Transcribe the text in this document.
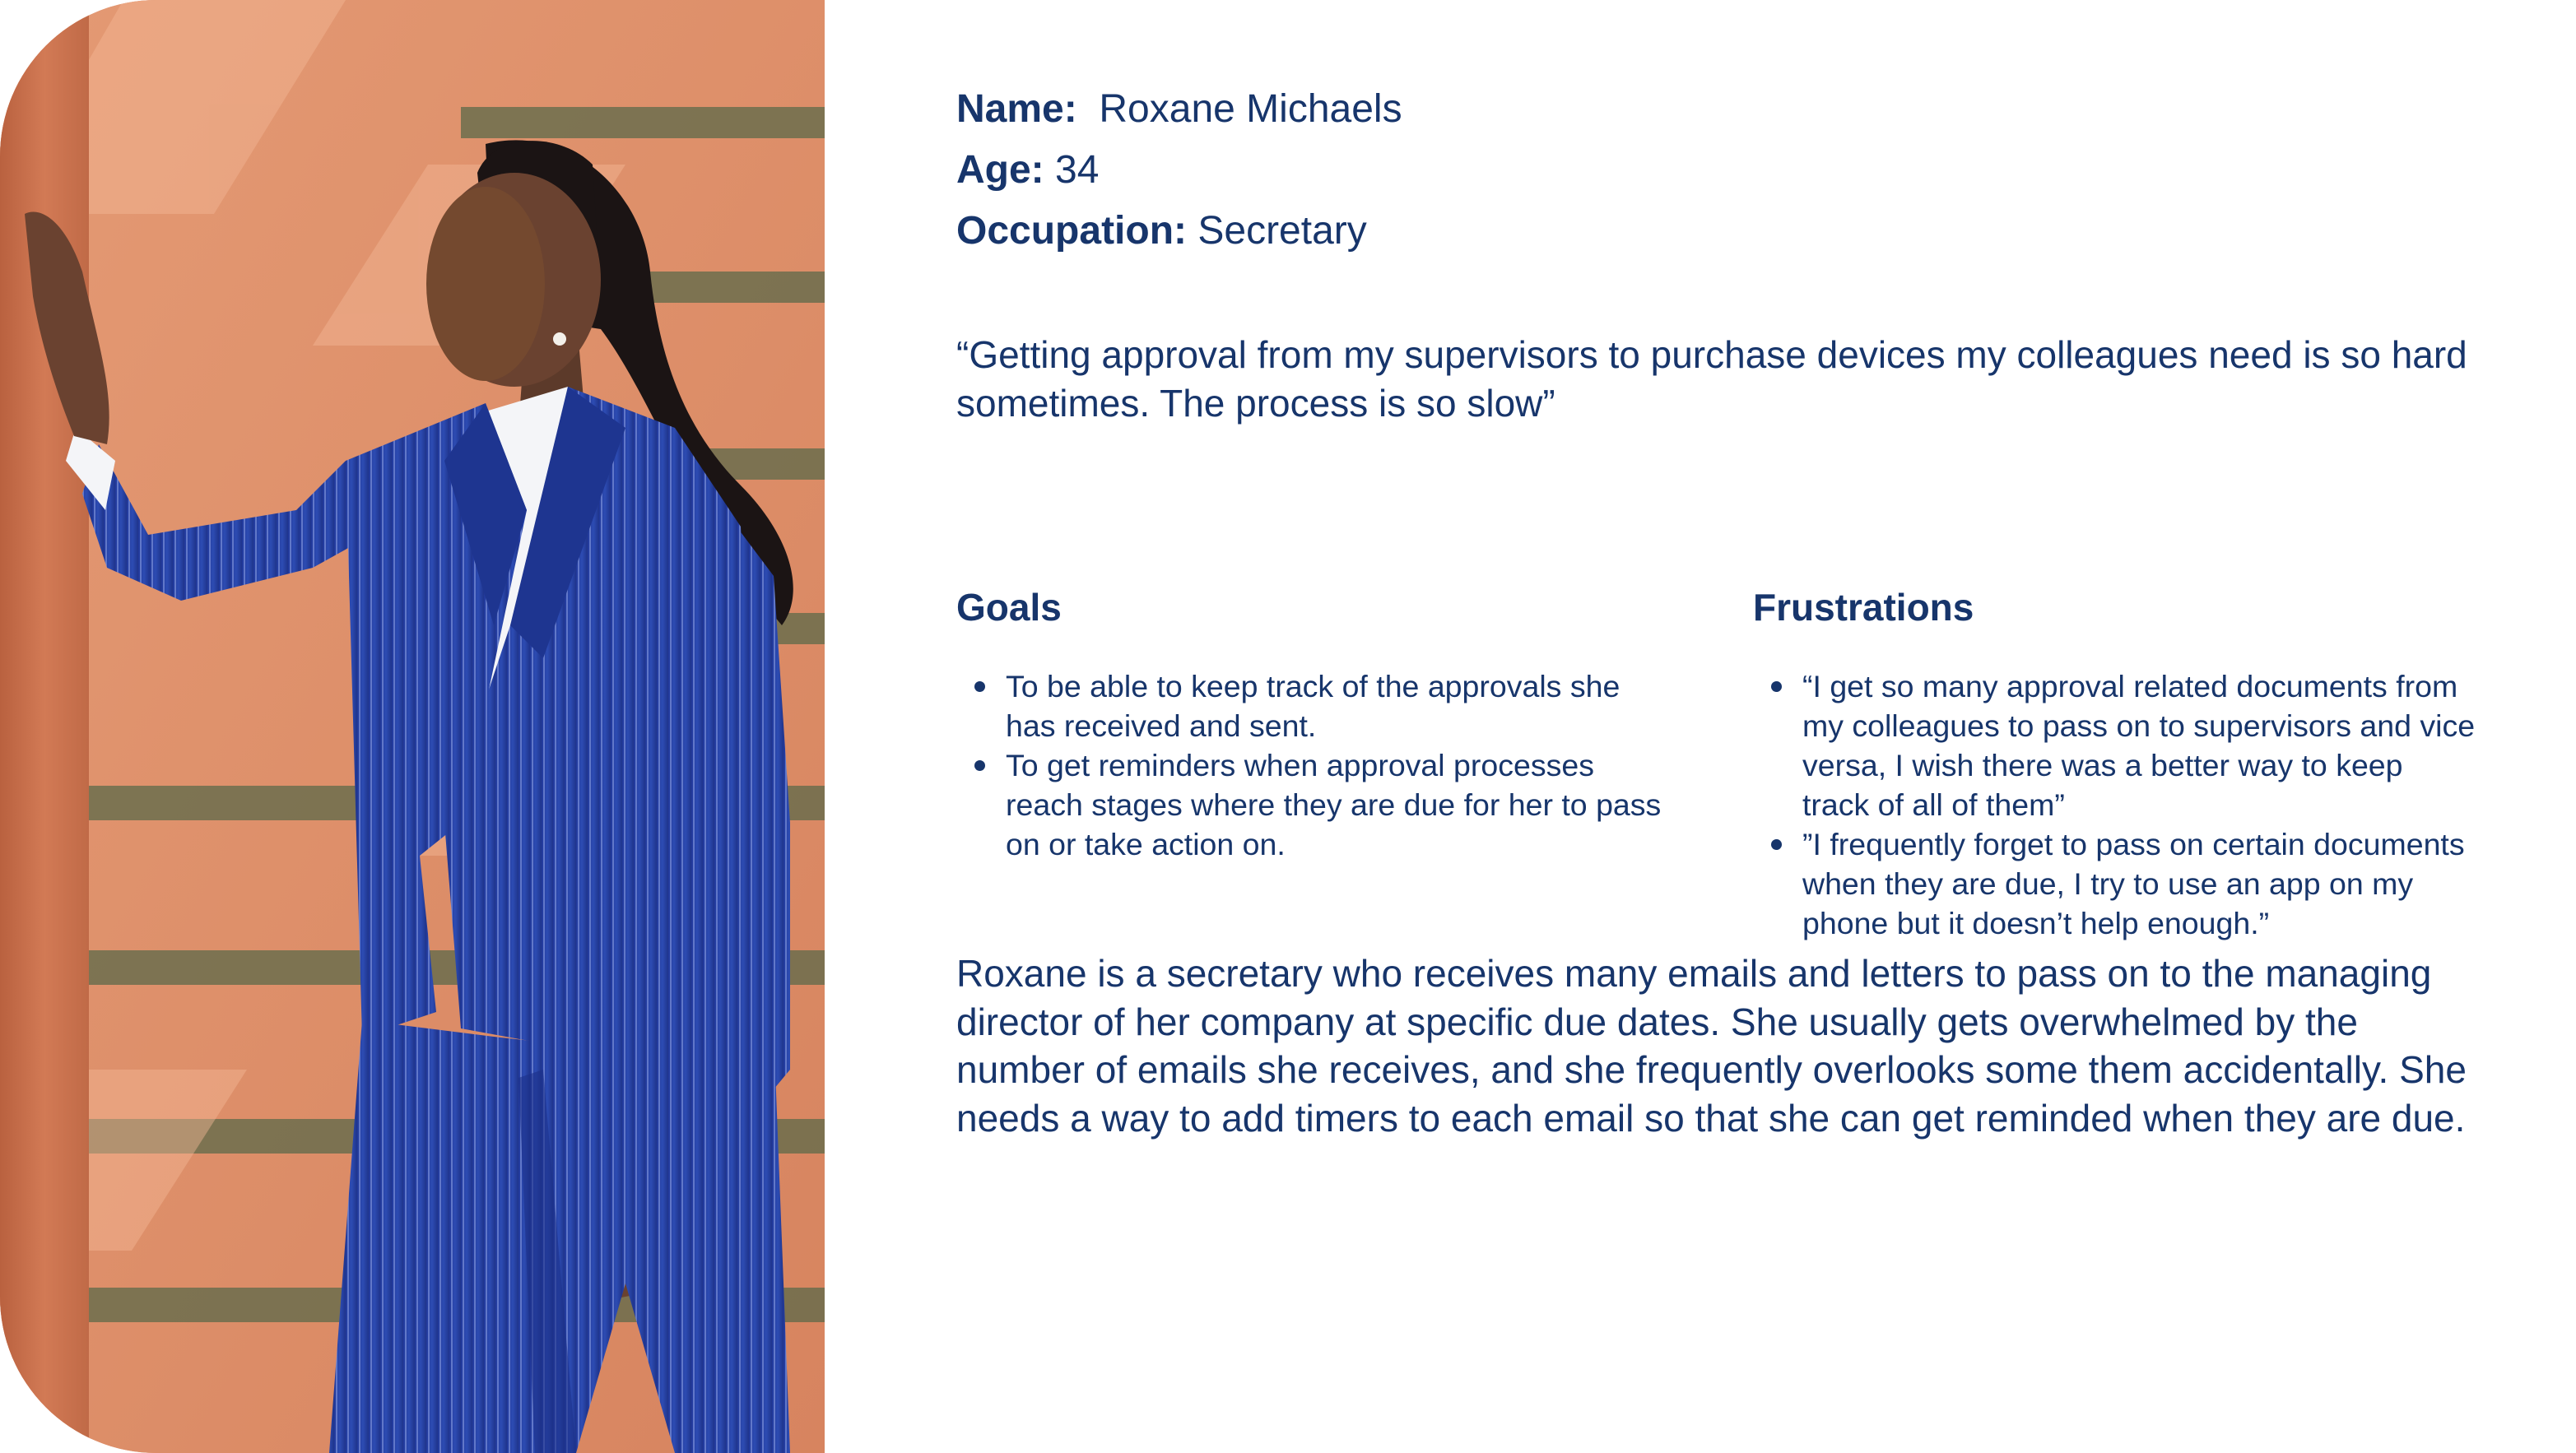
Name: Roxane Michaels

Age: 34

Occupation: Secretary

“Getting approval from my supervisors to purchase devices my colleagues need is so hard sometimes. The process is so slow”

Goals
To be able to keep track of the approvals she has received and sent.
To get reminders when approval processes reach stages where they are due for her to pass on or take action on.
Frustrations
“I get so many approval related documents from my colleagues to pass on to supervisors and vice versa, I wish there was a better way to keep track of all of them”
”I frequently forget to pass on certain documents when they are due, I try to use an app on my phone but it doesn’t help enough.”

Roxane is a secretary who receives many emails and letters to pass on to the managing director of her company at specific due dates. She usually gets overwhelmed by the number of emails she receives, and she frequently overlooks some them accidentally. She needs a way to add timers to each email so that she can get reminded when they are due.
